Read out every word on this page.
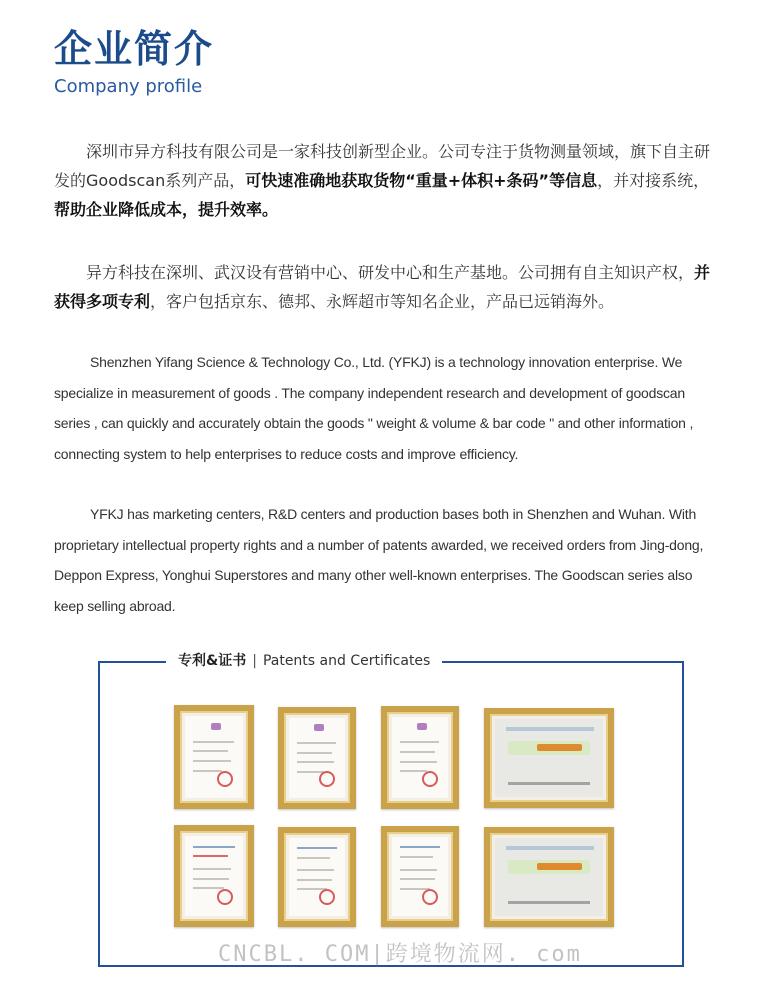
企业简介
Company profile

深圳市异方科技有限公司是一家科技创新型企业。公司专注于货物测量领域，旗下自主研发的Goodscan系列产品，可快速准确地获取货物“重量+体积+条码”等信息，并对接系统，帮助企业降低成本，提升效率。

异方科技在深圳、武汉设有营销中心、研发中心和生产基地。公司拥有自主知识产权，并获得多项专利，客户包括京东、德邦、永辉超市等知名企业，产品已远销海外。

Shenzhen Yifang Science & Technology Co., Ltd. (YFKJ) is a technology innovation enterprise. We specialize in measurement of goods . The company independent research and development of goodscan series , can quickly and accurately obtain the goods " weight & volume & bar code " and other information , connecting system to help enterprises to reduce costs and improve efficiency.

YFKJ has marketing centers, R&D centers and production bases both in Shenzhen and Wuhan. With proprietary intellectual property rights and a number of patents awarded, we received orders from Jing-dong, Deppon Express, Yonghui Superstores and many other well-known enterprises. The Goodscan series also keep selling abroad.

专利&证书 | Patents and Certificates
CNCBL. COM|跨境物流网. com
